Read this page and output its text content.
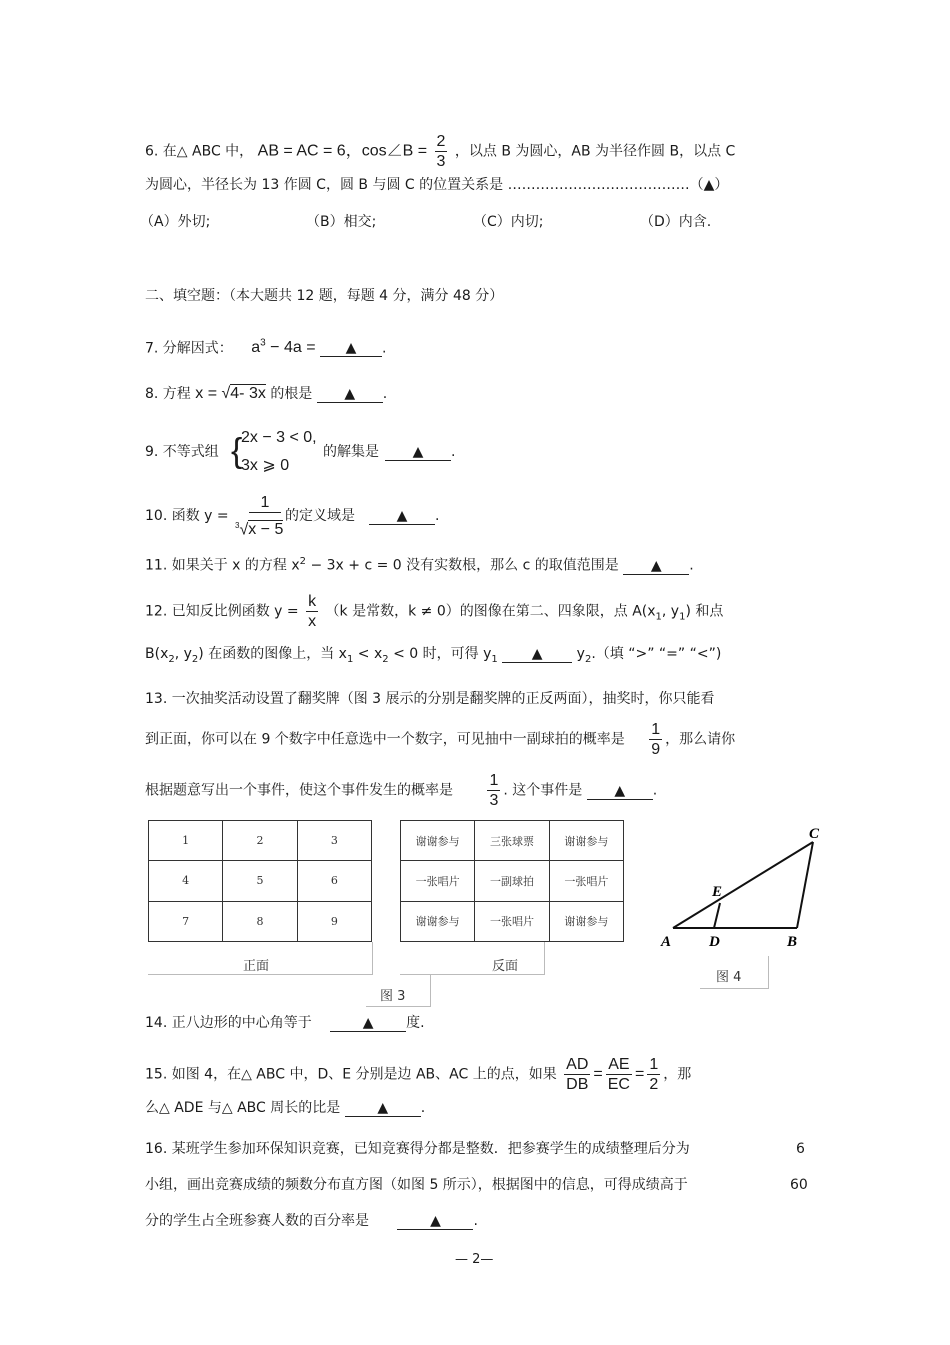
6. 在△ ABC 中， AB = AC = 6，cos∠B = $\frac{2}{3}$ ，以点 B 为圆心，AB 为半径作圆 B，以点 C
为圆心，半径长为 13 作圆 C，圆 B 与圆 C 的位置关系是 …………………………………（▲）
（A）外切;	（B）相交;	（C）内切;	（D）内含.
二、填空题：（本大题共 12 题，每题 4 分，满分 48 分）
7. 分解因式： $a^3 - 4a$ = ▲ .
8. 方程 x = √4- 3x 的根是 ▲ .
9. 不等式组 {
2x − 3 < 0,
3x ⩾ 0
的解集是	▲ .
10. 函数 y =
1
$^3$√x − 5
的定义域是	▲ .
11. 如果关于 x 的方程 $x^2 - 3x + c = 0$ 没有实数根，那么 c 的取值范围是 ▲ .
12. 已知反比例函数 $y = \frac{k}{x} (k$ 是常数，k ≠ 0）的图像在第二、四象限，点 $A(x_1$, $y_1$) 和点
$B(x_2$, $y_2$) 在函数的图像上，当 $x_1 < x_2 < 0$ 时，可得 $y_1$ ▲ $y_2$.（填 “>” “=” “<”)
13. 一次抽奖活动设置了翻奖牌（图 3 展示的分别是翻奖牌的正反两面），抽奖时，你只能看
到正面，你可以在 9 个数字中任意选中一个数字，可见抽中一副球拍的概率是 $\frac{1}{9}$ ，那么请你
根据题意写出一个事件，使这个事件发生的概率是 $\frac{1}{3}$ . 这个事件是 ▲ .
1	2	3
4	5	6
7	8	9
谢谢参与	三张球票	谢谢参与
一张唱片	一副球拍	一张唱片
谢谢参与	一张唱片	谢谢参与
正面	反面
图 3
C
E
A	D	B
图 4
14. 正八边形的中心角等于	▲ 度.
15. 如图 4，在△ ABC 中，D、E 分别是边 AB、AC 上的点，如果 $\frac{AD}{DB} = \frac{AE}{EC} = \frac{1}{2}$ ，那
么△ ADE 与△ ABC 周长的比是	▲ .
16. 某班学生参加环保知识竞赛，已知竞赛得分都是整数．把参赛学生的成绩整理后分为	6
小组，画出竞赛成绩的频数分布直方图（如图 5 所示），根据图中的信息，可得成绩高于	60
分的学生占全班参赛人数的百分率是	▲ .
— 2—
